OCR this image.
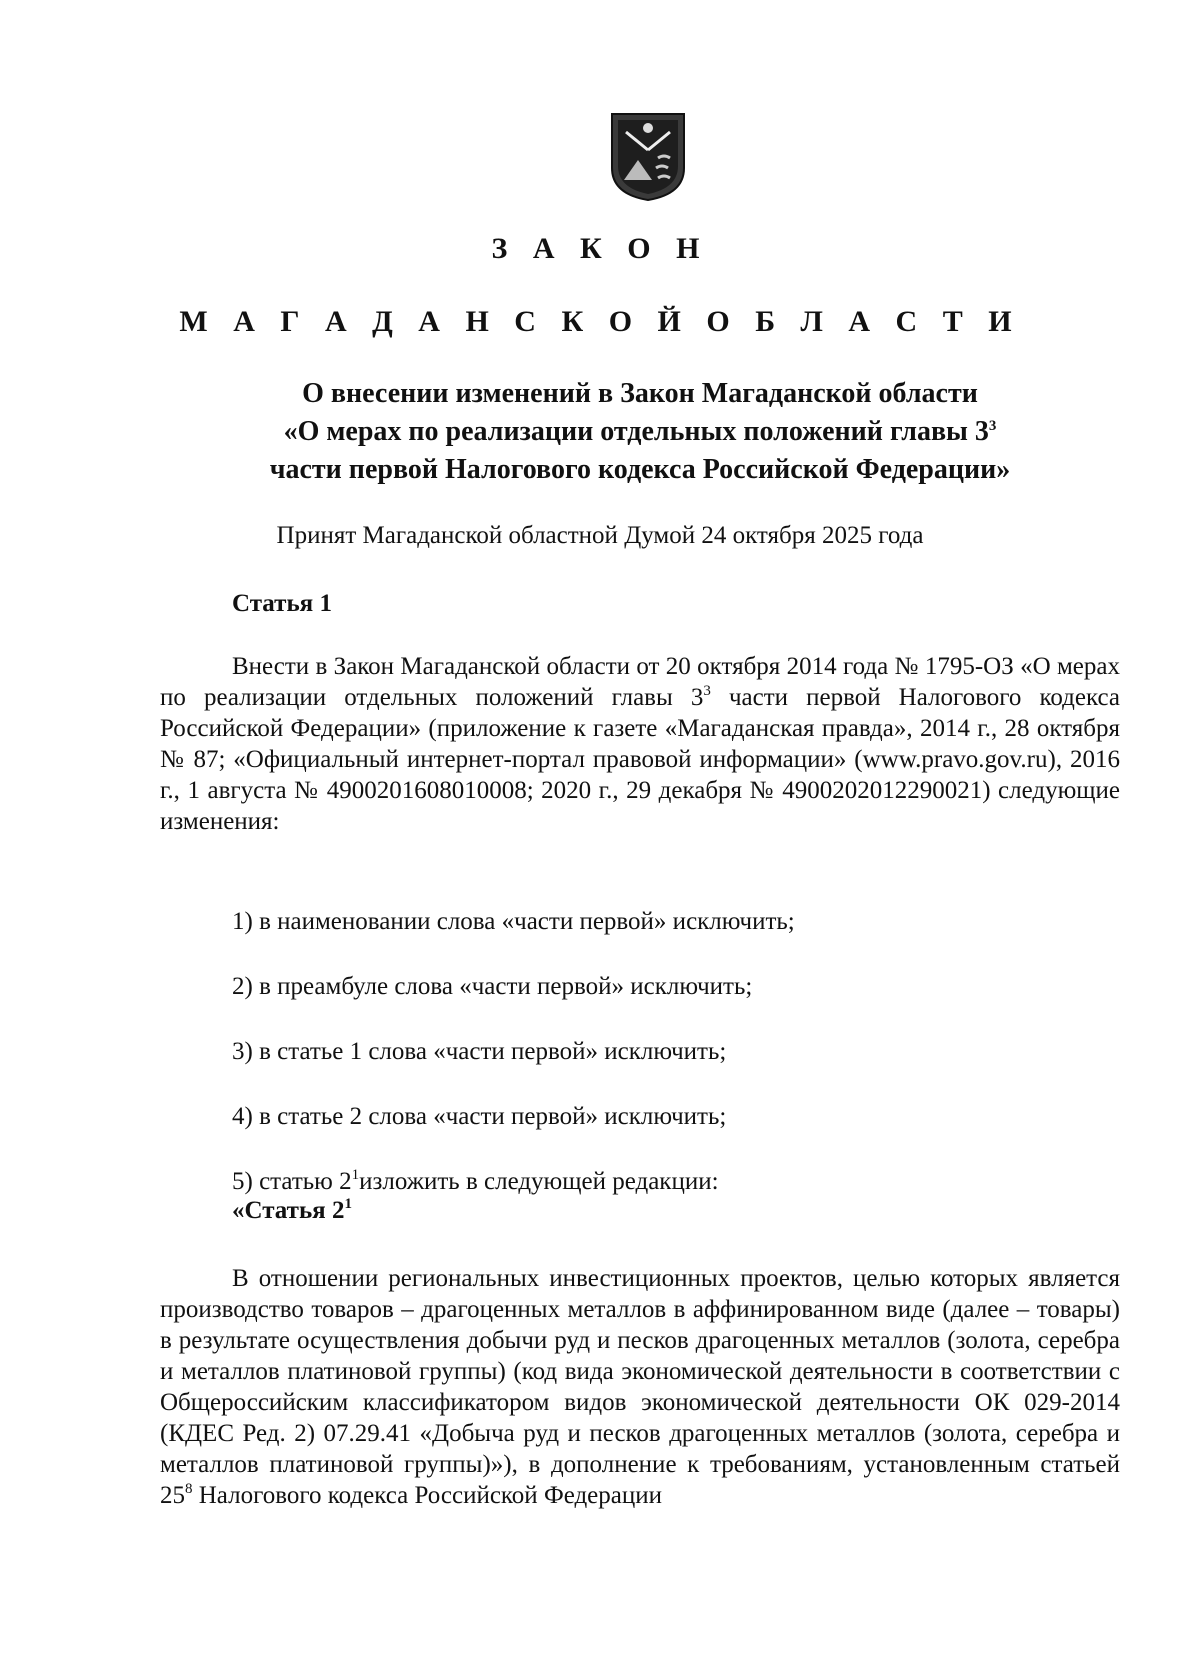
З А К О Н
М А Г А Д А Н С К О Й О Б Л А С Т И
О внесении изменений в Закон Магаданской области
«О мерах по реализации отдельных положений главы $3^3$
части первой Налогового кодекса Российской Федерации»

Принят Магаданской областной Думой 24 октября 2025 года

Статья 1

Внести в Закон Магаданской области от 20 октября 2014 года № 1795-ОЗ «О мерах по реализации отдельных положений главы $3^3$ части первой Налогового кодекса Российской Федерации» (приложение к газете «Магаданская правда», 2014 г., 28 октября № 87; «Официальный интернет-портал правовой информации» (www.pravo.gov.ru), 2016 г., 1 августа № 4900201608010008; 2020 г., 29 декабря № 4900202012290021) следующие изменения:

1) в наименовании слова «части первой» исключить;

2) в преамбуле слова «части первой» исключить;

3) в статье 1 слова «части первой» исключить;

4) в статье 2 слова «части первой» исключить;

5) статью $2^1изложить$ в следующей редакции:

«Статья $2^1$

В отношении региональных инвестиционных проектов, целью которых является производство товаров – драгоценных металлов в аффинированном виде (далее – товары) в результате осуществления добычи руд и песков драгоценных металлов (золота, серебра и металлов платиновой группы) (код вида экономической деятельности в соответствии с Общероссийским классификатором видов экономической деятельности ОК 029-2014 (КДЕС Ред. 2) 07.29.41 «Добыча руд и песков драгоценных металлов (золота, серебра и металлов платиновой группы)»), в дополнение к требованиям, установленным статьей $25^8$ Налогового кодекса Российской Федерации
